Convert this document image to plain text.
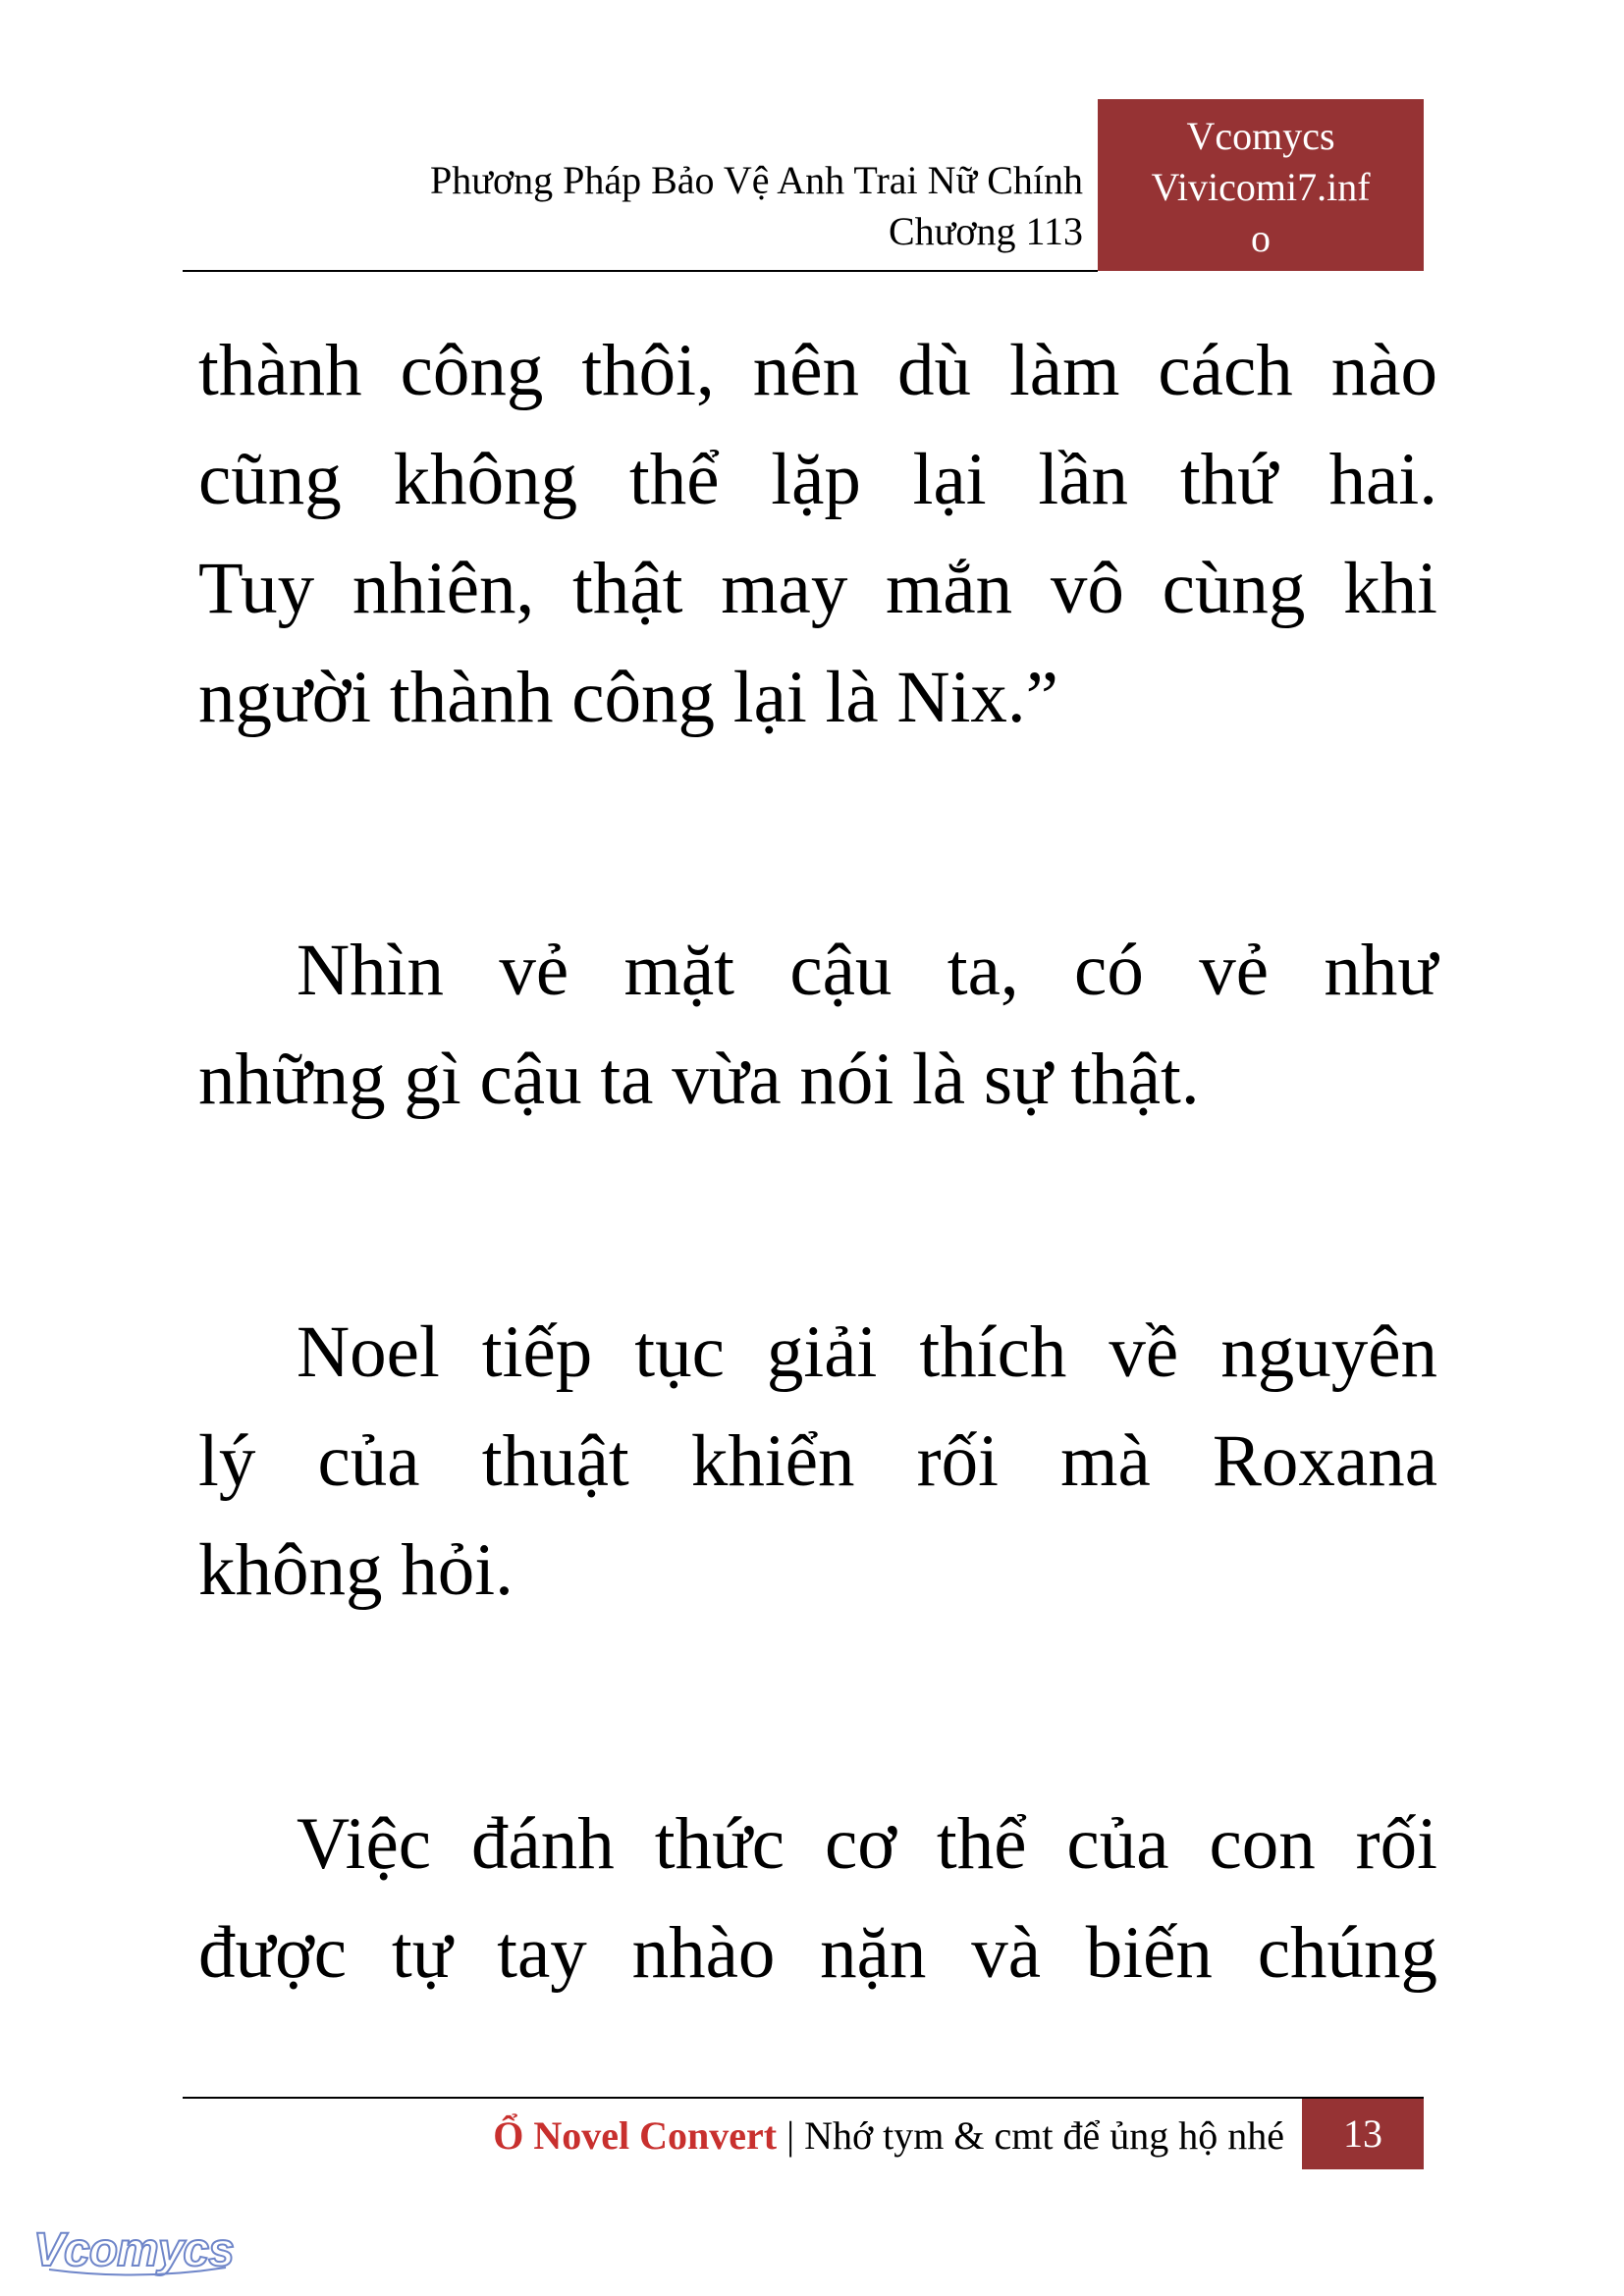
Phương Pháp Bảo Vệ Anh Trai Nữ Chính
Chương 113
Vcomycs
Vivicomi7.inf
o
thành công thôi, nên dù làm cách nào
cũng không thể lặp lại lần thứ hai.
Tuy nhiên, thật may mắn vô cùng khi
người thành công lại là Nix.”
Nhìn vẻ mặt cậu ta, có vẻ như
những gì cậu ta vừa nói là sự thật.
Noel tiếp tục giải thích về nguyên
lý của thuật khiển rối mà Roxana
không hỏi.
Việc đánh thức cơ thể của con rối
được tự tay nhào nặn và biến chúng
Ổ Novel Convert | Nhớ tym & cmt để ủng hộ nhé	13
Vcomycs
